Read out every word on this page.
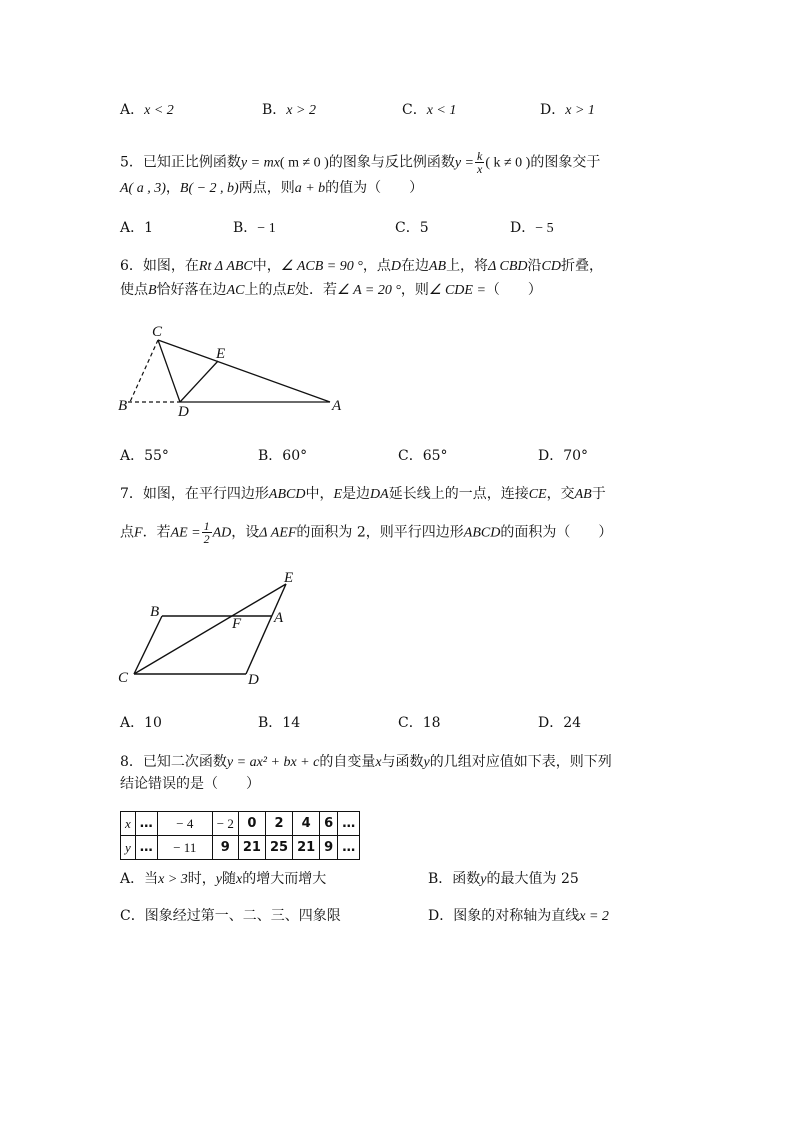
A．x < 2	B．x > 2	C．x < 1	D．x > 1
5．已知正比例函数y = mx( m ≠ 0 )的图象与反比例函数$y = \frac{k}{x}$ ( k ≠ 0 )的图象交于
A( a , 3)，B( − 2 , b)两点，则a + b的值为（　　）
A．1	B．− 1	C．5	D．− 5
6．如图，在Rt Δ ABC中，∠ ACB = 90 °，点D在边AB上，将Δ CBD沿CD折叠，
使点B恰好落在边AC上的点E处．若∠ A = 20 °，则∠ CDE =（　　）
C
E
B	D	A
A．55°	B．60°	C．65°	D．70°
7．如图，在平行四边形ABCD中，E是边DA延长线上的一点，连接CE，交AB于
点F．若AE = $\frac{1}{2}$ AD，设Δ AEF的面积为 2，则平行四边形ABCD的面积为（　　）
E
B
F A
C	D
A．10	B．14	C．18	D．24
8．已知二次函数y = ax² + bx + c的自变量x与函数y的几组对应值如下表，则下列
结论错误的是（　　）
x	…	− 4	− 2	0	2	4	6	…
y	…	− 11	9	21	25	21	9	…
A．当x > 3时，y随x的增大而增大	B．函数y的最大值为 25
C．图象经过第一、二、三、四象限	D．图象的对称轴为直线x = 2
